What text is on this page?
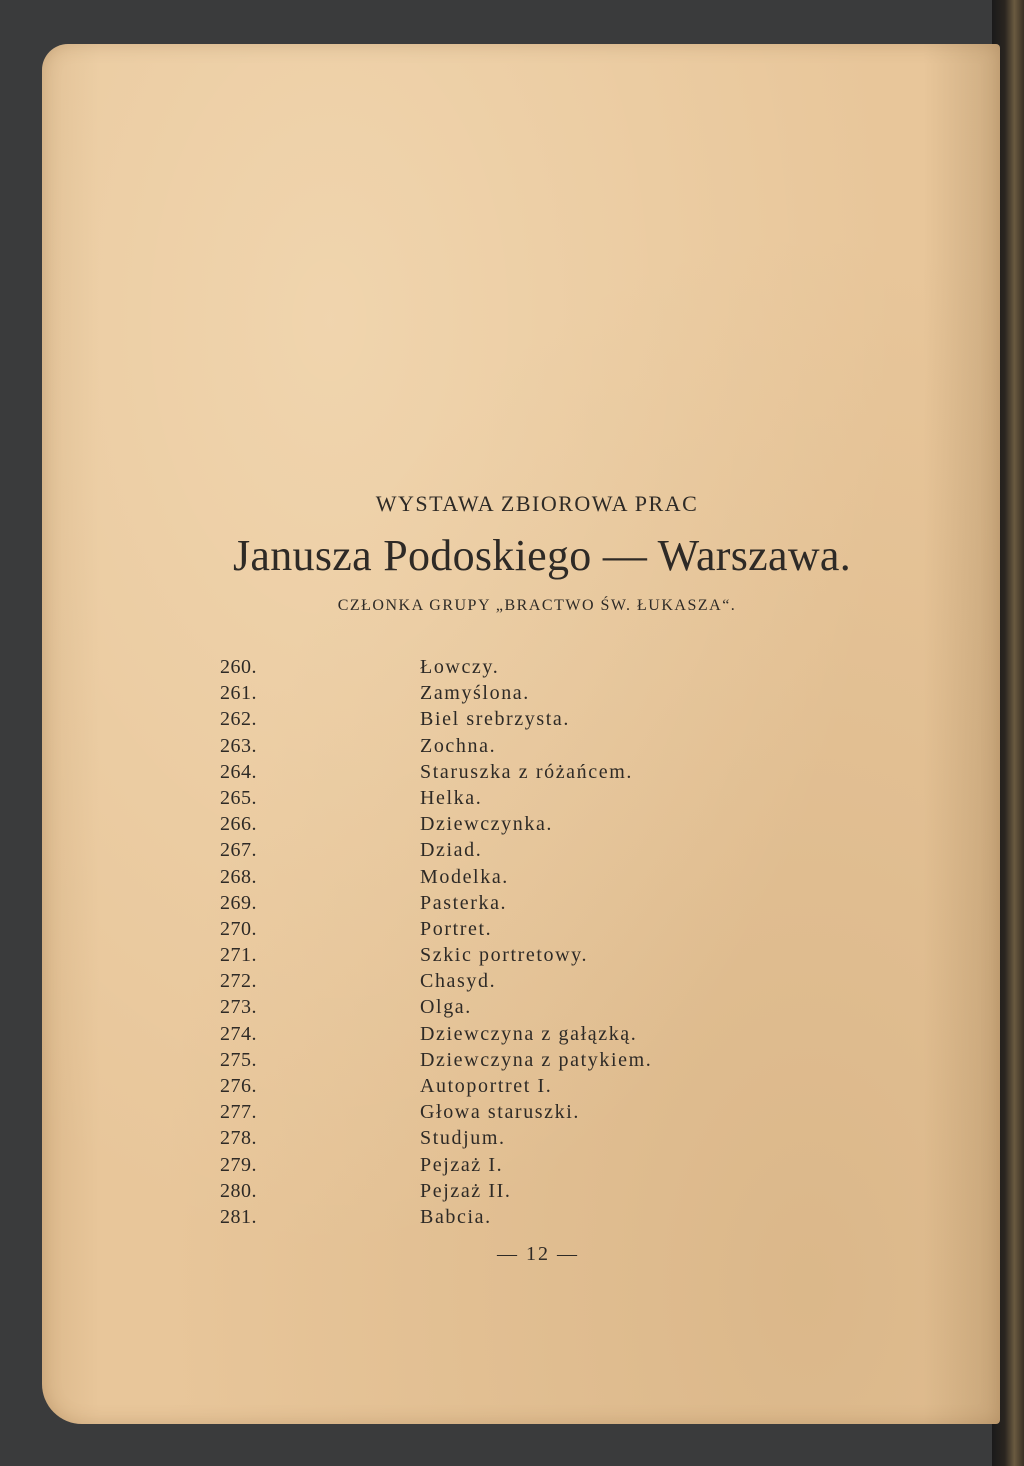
WYSTAWA ZBIOROWA PRAC
Janusza Podoskiego — Warszawa.
CZŁONKA GRUPY „BRACTWO ŚW. ŁUKASZA“.
260.	Łowczy.
261.	Zamyślona.
262.	Biel srebrzysta.
263.	Zochna.
264.	Staruszka z różańcem.
265.	Helka.
266.	Dziewczynka.
267.	Dziad.
268.	Modelka.
269.	Pasterka.
270.	Portret.
271.	Szkic portretowy.
272.	Chasyd.
273.	Olga.
274.	Dziewczyna z gałązką.
275.	Dziewczyna z patykiem.
276.	Autoportret I.
277.	Głowa staruszki.
278.	Studjum.
279.	Pejzaż I.
280.	Pejzaż II.
281.	Babcia.
— 12 —
